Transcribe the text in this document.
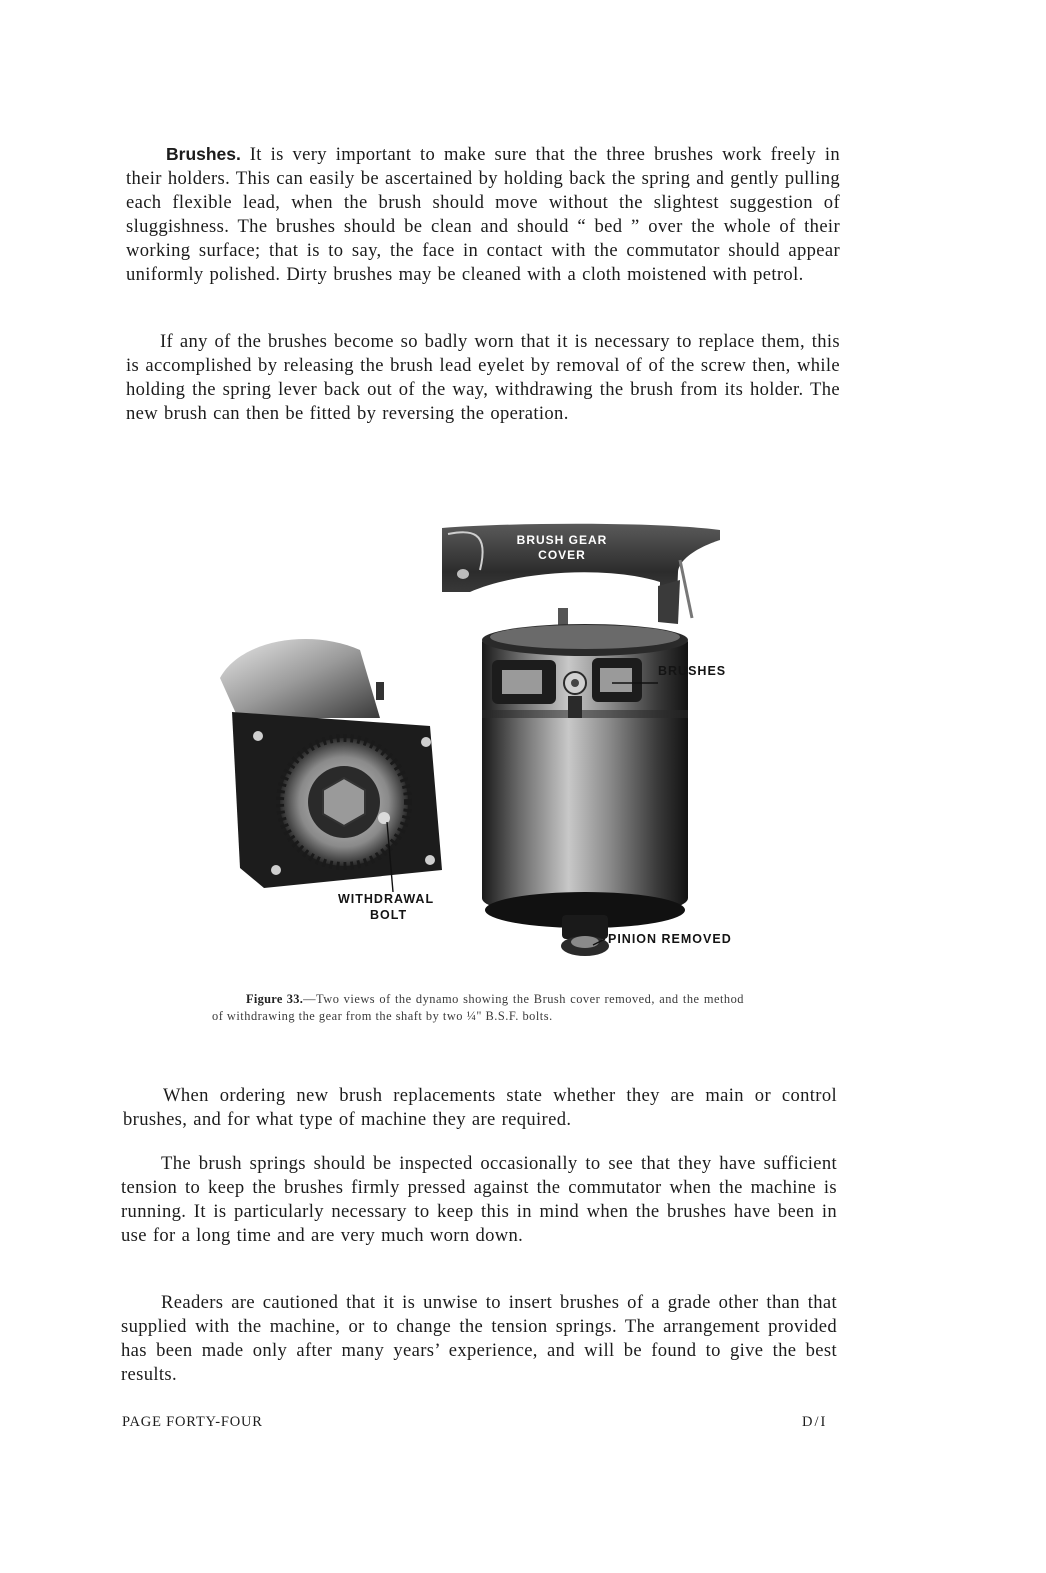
Brushes. It is very important to make sure that the three brushes work freely in their holders. This can easily be ascertained by holding back the spring and gently pulling each flexible lead, when the brush should move without the slightest suggestion of sluggishness. The brushes should be clean and should “ bed ” over the whole of their working surface; that is to say, the face in contact with the commutator should appear uniformly polished. Dirty brushes may be cleaned with a cloth moistened with petrol.
If any of the brushes become so badly worn that it is necessary to replace them, this is accomplished by releasing the brush lead eyelet by removal of of the screw then, while holding the spring lever back out of the way, withdrawing the brush from its holder. The new brush can then be fitted by reversing the operation.
BRUSH GEAR
COVER
BRUSHES
WITHDRAWAL
BOLT
PINION REMOVED
Figure 33.—Two views of the dynamo showing the Brush cover removed, and the method of withdrawing the gear from the shaft by two ¼" B.S.F. bolts.
When ordering new brush replacements state whether they are main or control brushes, and for what type of machine they are required.
The brush springs should be inspected occasionally to see that they have sufficient tension to keep the brushes firmly pressed against the commutator when the machine is running. It is particularly necessary to keep this in mind when the brushes have been in use for a long time and are very much worn down.
Readers are cautioned that it is unwise to insert brushes of a grade other than that supplied with the machine, or to change the tension springs. The arrangement provided has been made only after many years’ experience, and will be found to give the best results.
PAGE FORTY-FOUR	D/I
